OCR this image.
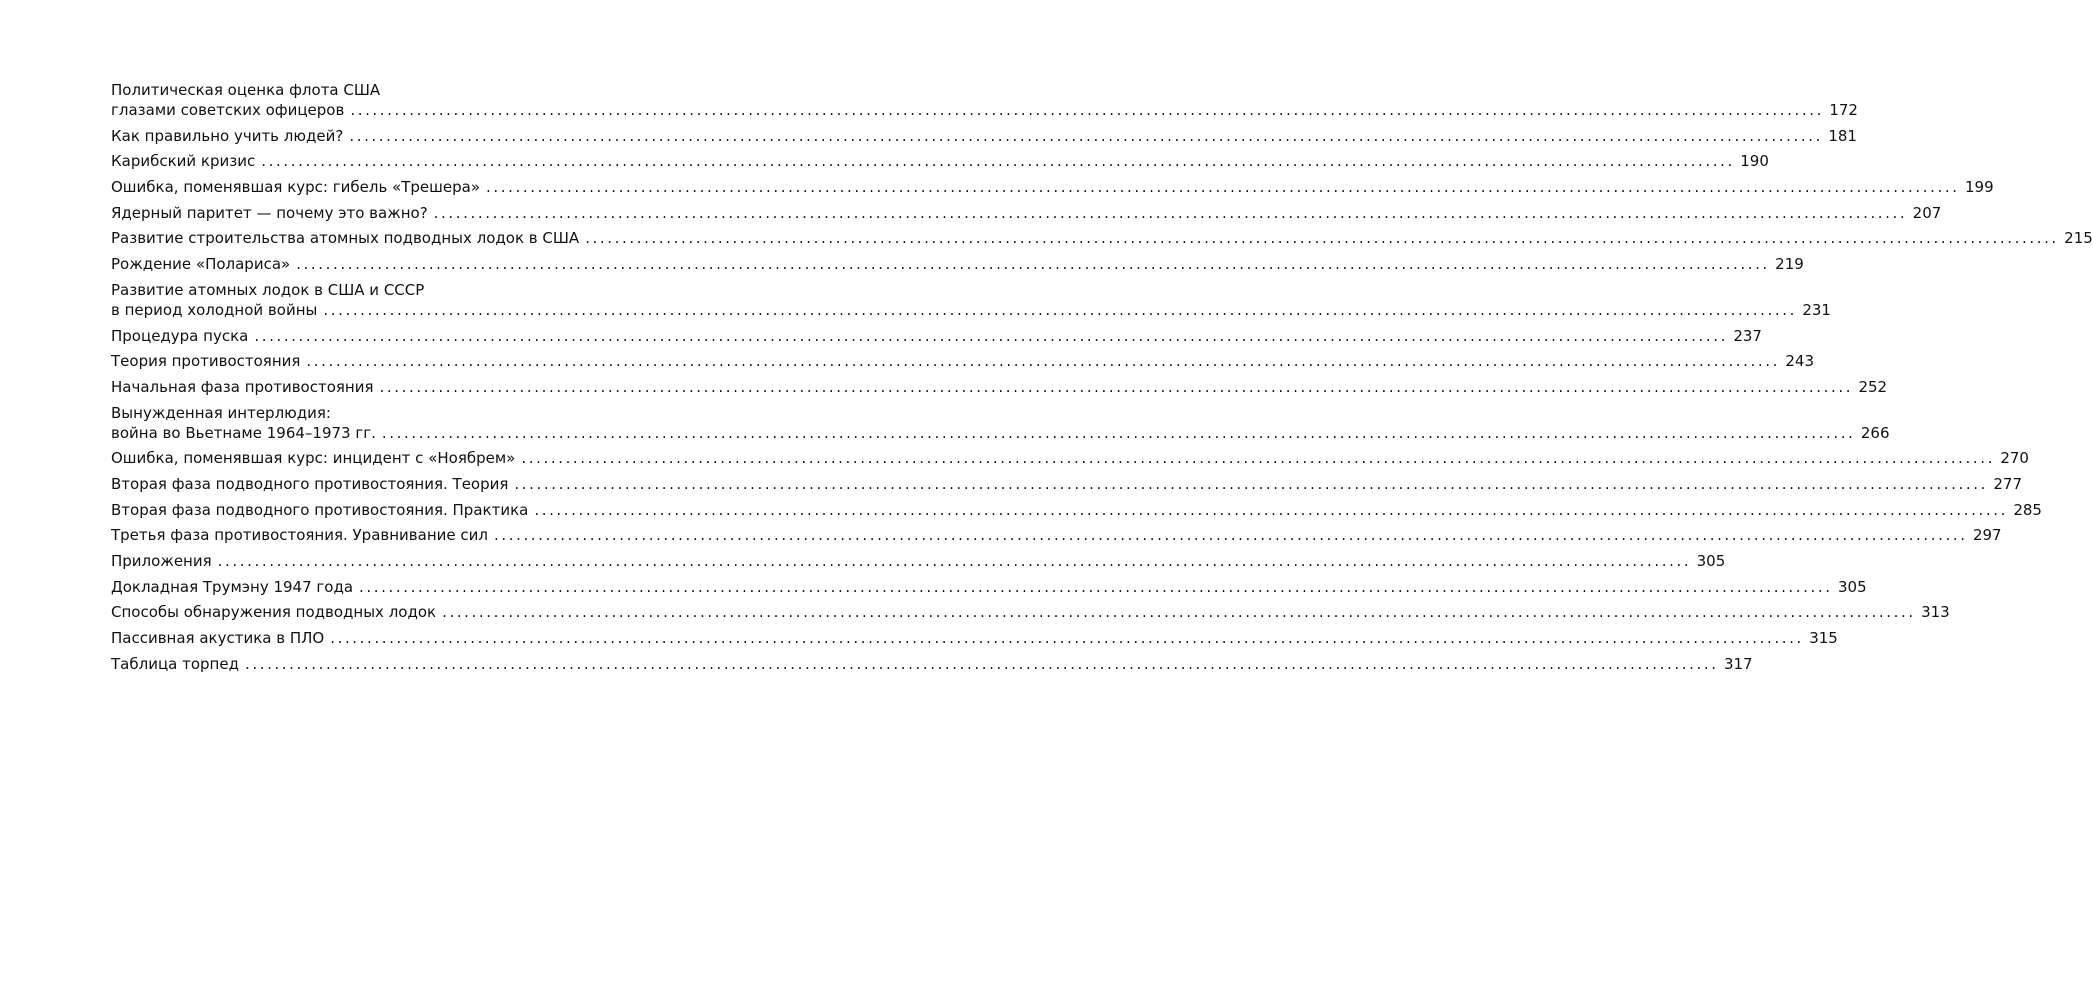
Политическая оценка флота США
глазами советских офицеров ........................................................................................................................................................................................................ 172
Как правильно учить людей? ........................................................................................................................................................................................................ 181
Карибский кризис ........................................................................................................................................................................................................ 190
Ошибка, поменявшая курс: гибель «Трешера» ........................................................................................................................................................................................................ 199
Ядерный паритет — почему это важно? ........................................................................................................................................................................................................ 207
Развитие строительства атомных подводных лодок в США ........................................................................................................................................................................................................ 215
Рождение «Полариса» ........................................................................................................................................................................................................ 219
Развитие атомных лодок в США и СССР
в период холодной войны ........................................................................................................................................................................................................ 231
Процедура пуска ........................................................................................................................................................................................................ 237
Теория противостояния ........................................................................................................................................................................................................ 243
Начальная фаза противостояния ........................................................................................................................................................................................................ 252
Вынужденная интерлюдия:
война во Вьетнаме 1964–1973 гг. ........................................................................................................................................................................................................ 266
Ошибка, поменявшая курс: инцидент с «Ноябрем» ........................................................................................................................................................................................................ 270
Вторая фаза подводного противостояния. Теория ........................................................................................................................................................................................................ 277
Вторая фаза подводного противостояния. Практика ........................................................................................................................................................................................................ 285
Третья фаза противостояния. Уравнивание сил ........................................................................................................................................................................................................ 297
Приложения ........................................................................................................................................................................................................ 305
Докладная Трумэну 1947 года ........................................................................................................................................................................................................ 305
Способы обнаружения подводных лодок ........................................................................................................................................................................................................ 313
Пассивная акустика в ПЛО ........................................................................................................................................................................................................ 315
Таблица торпед ........................................................................................................................................................................................................ 317
